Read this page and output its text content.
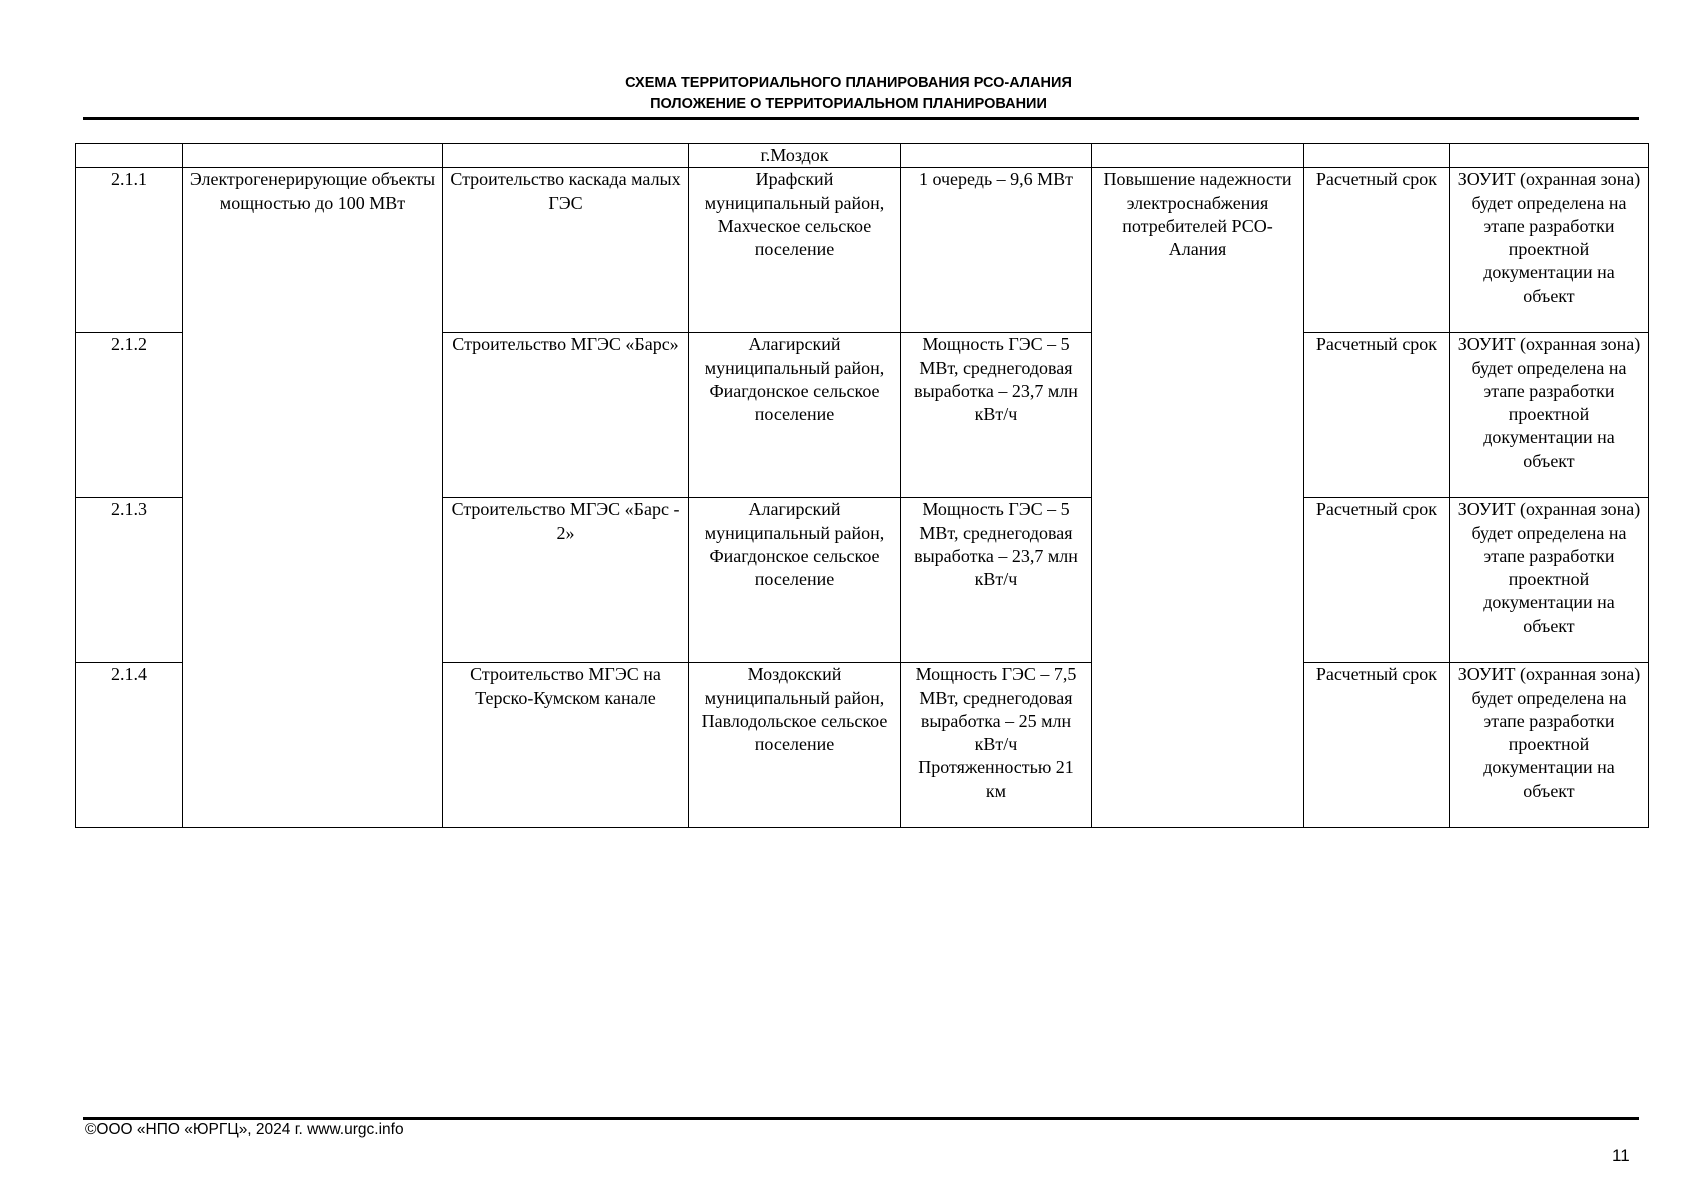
СХЕМА ТЕРРИТОРИАЛЬНОГО ПЛАНИРОВАНИЯ РСО-АЛАНИЯ
ПОЛОЖЕНИЕ О ТЕРРИТОРИАЛЬНОМ ПЛАНИРОВАНИИ
			г.Моздок				
2.1.1	Электрогенерирующие объекты мощностью до 100 МВт	Строительство каскада малых ГЭС	Ирафский муниципальный район, Махческое сельское поселение	1 очередь – 9,6 МВт	Повышение надежности электроснабжения потребителей РСО-Алания	Расчетный срок	ЗОУИТ (охранная зона) будет определена на этапе разработки проектной документации на объект
2.1.2		Строительство МГЭС «Барс»	Алагирский муниципальный район, Фиагдонское сельское поселение	Мощность ГЭС – 5 МВт, среднегодовая выработка – 23,7 млн кВт/ч		Расчетный срок	ЗОУИТ (охранная зона) будет определена на этапе разработки проектной документации на объект
2.1.3		Строительство МГЭС «Барс - 2»	Алагирский муниципальный район, Фиагдонское сельское поселение	Мощность ГЭС – 5 МВт, среднегодовая выработка – 23,7 млн кВт/ч		Расчетный срок	ЗОУИТ (охранная зона) будет определена на этапе разработки проектной документации на объект
2.1.4		Строительство МГЭС на Терско-Кумском канале	Моздокский муниципальный район, Павлодольское сельское поселение	Мощность ГЭС – 7,5 МВт, среднегодовая выработка – 25 млн кВт/ч Протяженностью 21 км		Расчетный срок	ЗОУИТ (охранная зона) будет определена на этапе разработки проектной документации на объект
©ООО «НПО «ЮРГЦ», 2024 г. www.urgc.info
11
